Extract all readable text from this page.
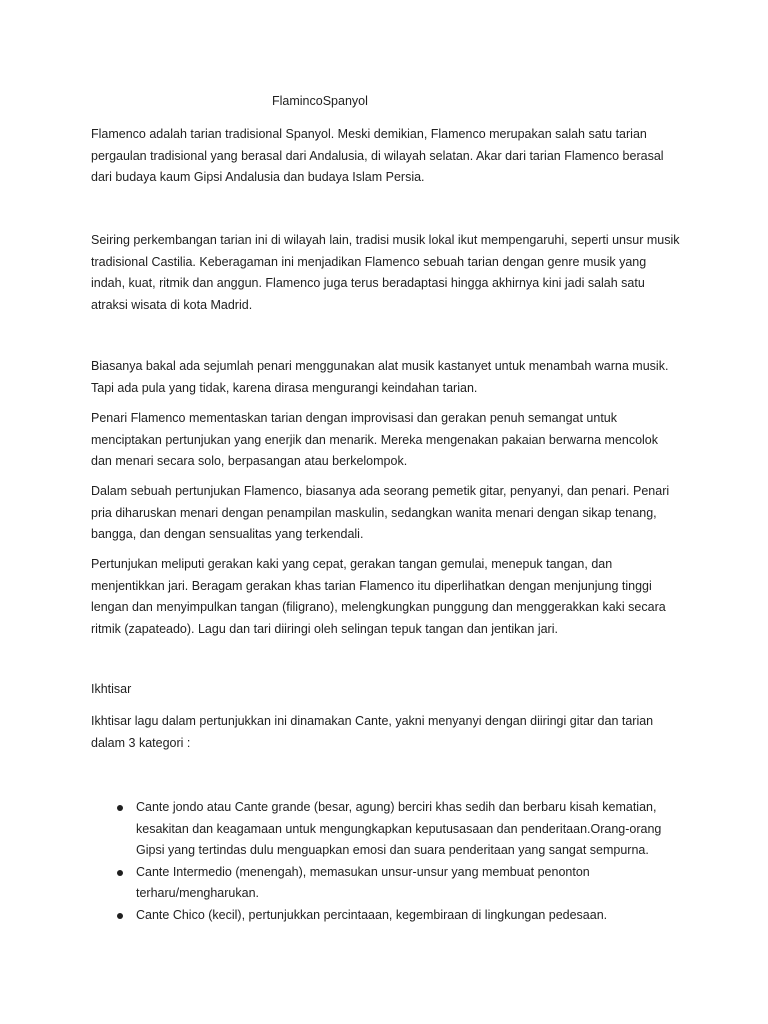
FlamincoSpanyol

Flamenco adalah tarian tradisional Spanyol. Meski demikian, Flamenco merupakan salah satu tarian pergaulan tradisional yang berasal dari Andalusia, di wilayah selatan. Akar dari tarian Flamenco berasal dari budaya kaum Gipsi Andalusia dan budaya Islam Persia.

Seiring perkembangan tarian ini di wilayah lain, tradisi musik lokal ikut mempengaruhi, seperti unsur musik tradisional Castilia. Keberagaman ini menjadikan Flamenco sebuah tarian dengan genre musik yang indah, kuat, ritmik dan anggun. Flamenco juga terus beradaptasi hingga akhirnya kini jadi salah satu atraksi wisata di kota Madrid.

Biasanya bakal ada sejumlah penari menggunakan alat musik kastanyet untuk menambah warna musik. Tapi ada pula yang tidak, karena dirasa mengurangi keindahan tarian.

Penari Flamenco mementaskan tarian dengan improvisasi dan gerakan penuh semangat untuk menciptakan pertunjukan yang enerjik dan menarik. Mereka mengenakan pakaian berwarna mencolok dan menari secara solo, berpasangan atau berkelompok.

Dalam sebuah pertunjukan Flamenco, biasanya ada seorang pemetik gitar, penyanyi, dan penari. Penari pria diharuskan menari dengan penampilan maskulin, sedangkan wanita menari dengan sikap tenang, bangga, dan dengan sensualitas yang terkendali.

Pertunjukan meliputi gerakan kaki yang cepat, gerakan tangan gemulai, menepuk tangan, dan menjentikkan jari. Beragam gerakan khas tarian Flamenco itu diperlihatkan dengan menjunjung tinggi lengan dan menyimpulkan tangan (filigrano), melengkungkan punggung dan menggerakkan kaki secara ritmik (zapateado). Lagu dan tari diiringi oleh selingan tepuk tangan dan jentikan jari.

Ikhtisar

Ikhtisar lagu dalam pertunjukkan ini dinamakan Cante, yakni menyanyi dengan diiringi gitar dan tarian dalam 3 kategori :

Cante jondo atau Cante grande (besar, agung) berciri khas sedih dan berbaru kisah kematian, kesakitan dan keagamaan untuk mengungkapkan keputusasaan dan penderitaan.Orang-orang Gipsi yang tertindas dulu menguapkan emosi dan suara penderitaan yang sangat sempurna.
Cante Intermedio (menengah), memasukan unsur-unsur yang membuat penonton terharu/mengharukan.
Cante Chico (kecil), pertunjukkan percintaaan, kegembiraan di lingkungan pedesaan.
